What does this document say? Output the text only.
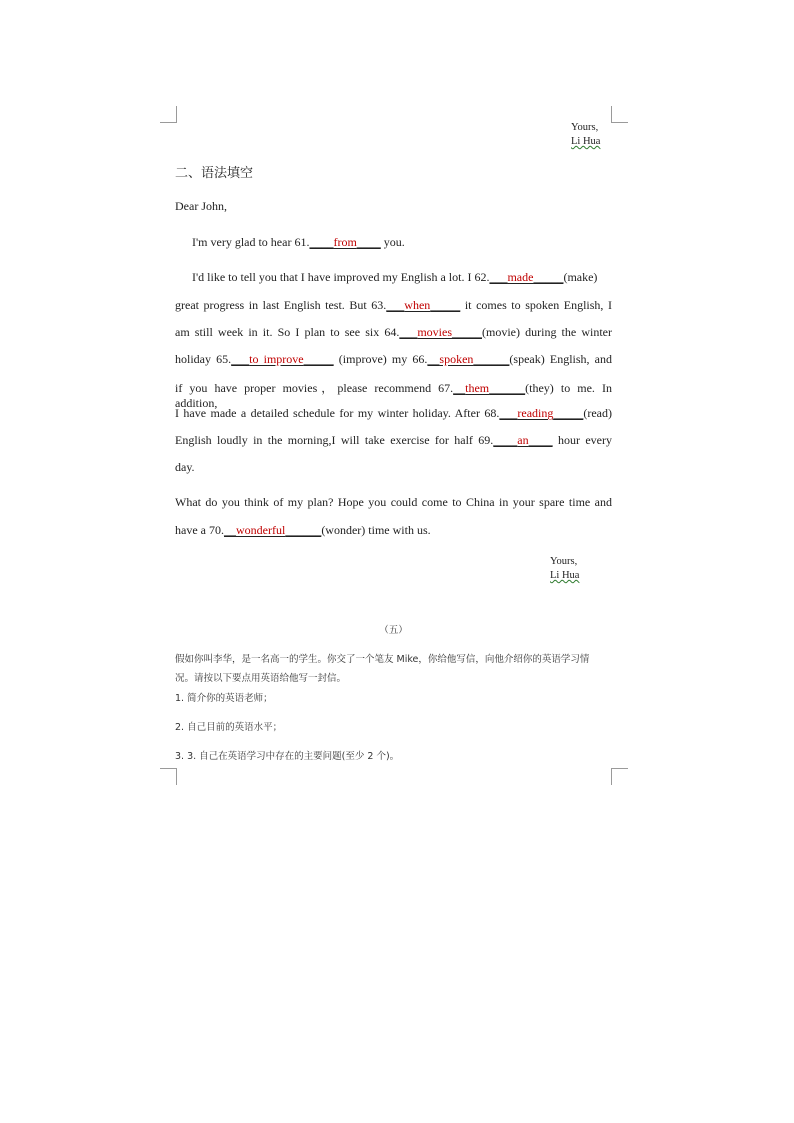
Yours,
Li Hua
二、语法填空
Dear John,
I'm very glad to hear 61.____from____ you.
I'd like to tell you that I have improved my English a lot. I 62.___made_____(make)
great progress in last English test. But 63.___when_____ it comes to spoken English, I
am still week in it. So I plan to see six 64.___movies_____(movie) during the winter
holiday 65.___to improve_____ (improve) my 66.__spoken______(speak) English, and
if you have proper movies，please recommend 67.__them______(they) to me. In addition,
I have made a detailed schedule for my winter holiday. After 68.___reading_____(read)
English loudly in the morning,I will take exercise for half 69.____an____ hour every
day.
What do you think of my plan? Hope you could come to China in your spare time and
have a 70.__wonderful______(wonder) time with us.
Yours,
Li Hua
（五）
假如你叫李华，是一名高一的学生。你交了一个笔友 Mike，你给他写信，向他介绍你的英语学习情
况。请按以下要点用英语给他写一封信。
1. 简介你的英语老师；
2. 自己目前的英语水平；
3. 3. 自己在英语学习中存在的主要问题(至少 2 个)。
